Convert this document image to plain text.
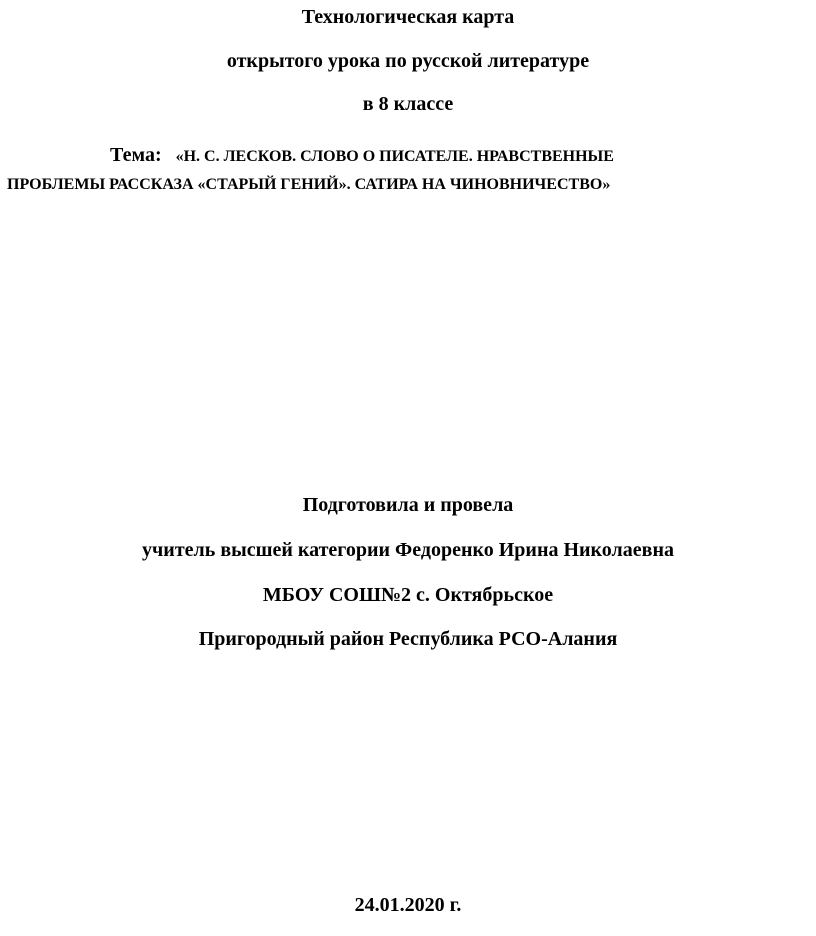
Технологическая карта
открытого урока по русской литературе
в 8 классе
Тема: «Н. С. ЛЕСКОВ. СЛОВО О ПИСАТЕЛЕ. НРАВСТВЕННЫЕ
ПРОБЛЕМЫ РАССКАЗА «СТАРЫЙ ГЕНИЙ». САТИРА НА ЧИНОВНИЧЕСТВО»
Подготовила и провела
учитель высшей категории Федоренко Ирина Николаевна
МБОУ СОШ№2 с. Октябрьское
Пригородный район Республика РСО-Алания
24.01.2020 г.
